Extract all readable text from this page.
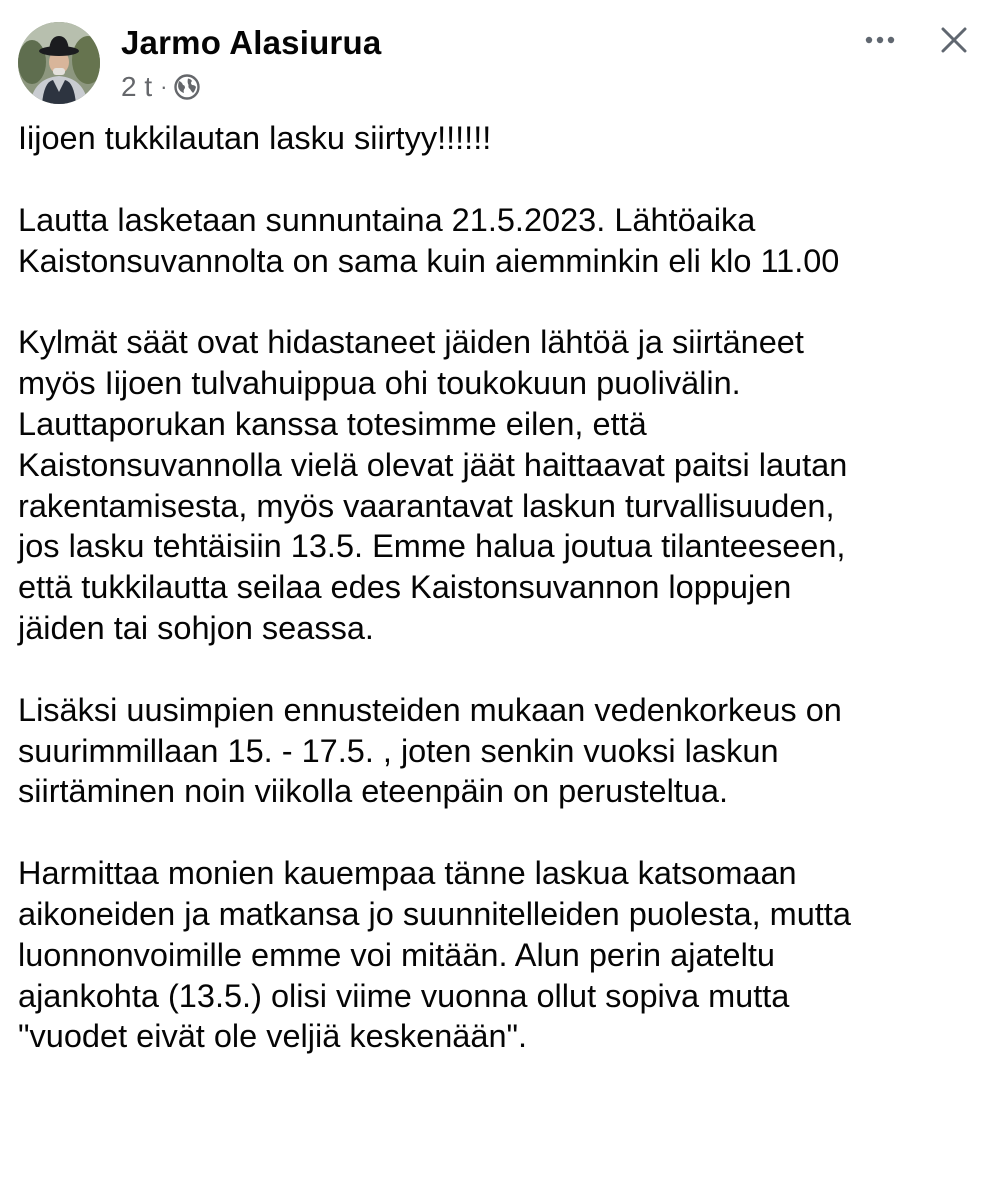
Jarmo Alasiurua
2 t ·

Iijoen tukkilautan lasku siirtyy!!!!!!

Lautta lasketaan sunnuntaina 21.5.2023. Lähtöaika
Kaistonsuvannolta on sama kuin aiemminkin eli klo 11.00

Kylmät säät ovat hidastaneet jäiden lähtöä ja siirtäneet
myös Iijoen tulvahuippua ohi toukokuun puolivälin.
Lauttaporukan kanssa totesimme eilen, että
Kaistonsuvannolla vielä olevat jäät haittaavat paitsi lautan
rakentamisesta, myös vaarantavat laskun turvallisuuden,
jos lasku tehtäisiin 13.5. Emme halua joutua tilanteeseen,
että tukkilautta seilaa edes Kaistonsuvannon loppujen
jäiden tai sohjon seassa.

Lisäksi uusimpien ennusteiden mukaan vedenkorkeus on
suurimmillaan 15. - 17.5. , joten senkin vuoksi laskun
siirtäminen noin viikolla eteenpäin on perusteltua.

Harmittaa monien kauempaa tänne laskua katsomaan
aikoneiden ja matkansa jo suunnitelleiden puolesta, mutta
luonnonvoimille emme voi mitään. Alun perin ajateltu
ajankohta (13.5.) olisi viime vuonna ollut sopiva mutta
"vuodet eivät ole veljiä keskenään".
